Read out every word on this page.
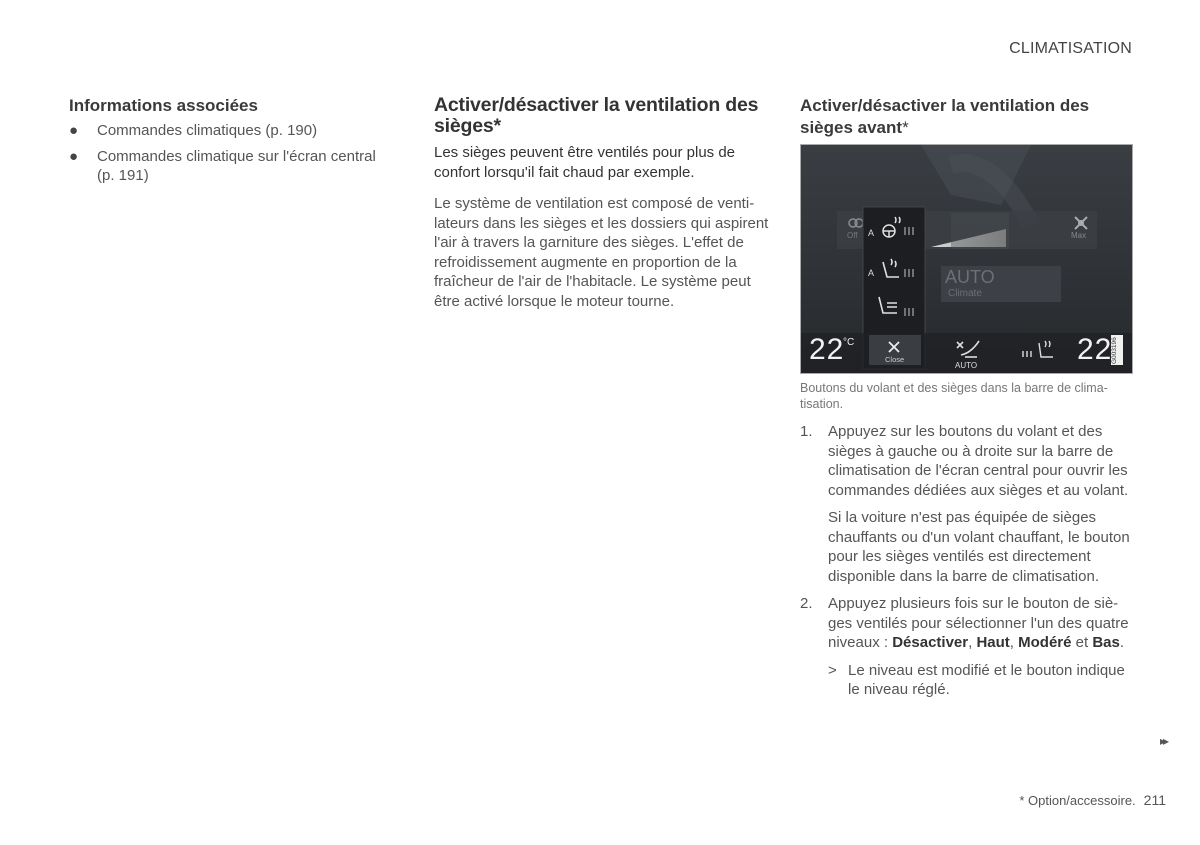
CLIMATISATION
Informations associées
● Commandes climatiques (p. 190)
● Commandes climatique sur l'écran central (p. 191)
Activer/désactiver la ventilation des sièges*

Les sièges peuvent être ventilés pour plus de confort lorsqu'il fait chaud par exemple.

Le système de ventilation est composé de ventilateurs dans les sièges et les dossiers qui aspirent l'air à travers la garniture des sièges. L'effet de refroidissement augmente en proportion de la fraîcheur de l'air de l'habitacle. Le système peut être activé lorsque le moteur tourne.

Activer/désactiver la ventilation des sièges avant*
Off	Max
A
A	AUTO
Climate
Close
22
°C
AUTO	22
G003196
Boutons du volant et des sièges dans la barre de climatisation.
1. Appuyez sur les boutons du volant et des sièges à gauche ou à droite sur la barre de climatisation de l'écran central pour ouvrir les commandes dédiées aux sièges et au volant.

Si la voiture n'est pas équipée de sièges chauffants ou d'un volant chauffant, le bouton pour les sièges ventilés est directement disponible dans la barre de climatisation.

2. Appuyez plusieurs fois sur le bouton de sièges ventilés pour sélectionner l'un des quatre niveaux : Désactiver, Haut, Modéré et Bas.

> Le niveau est modifié et le bouton indique le niveau réglé.
▸▸
* Option/accessoire. 211
